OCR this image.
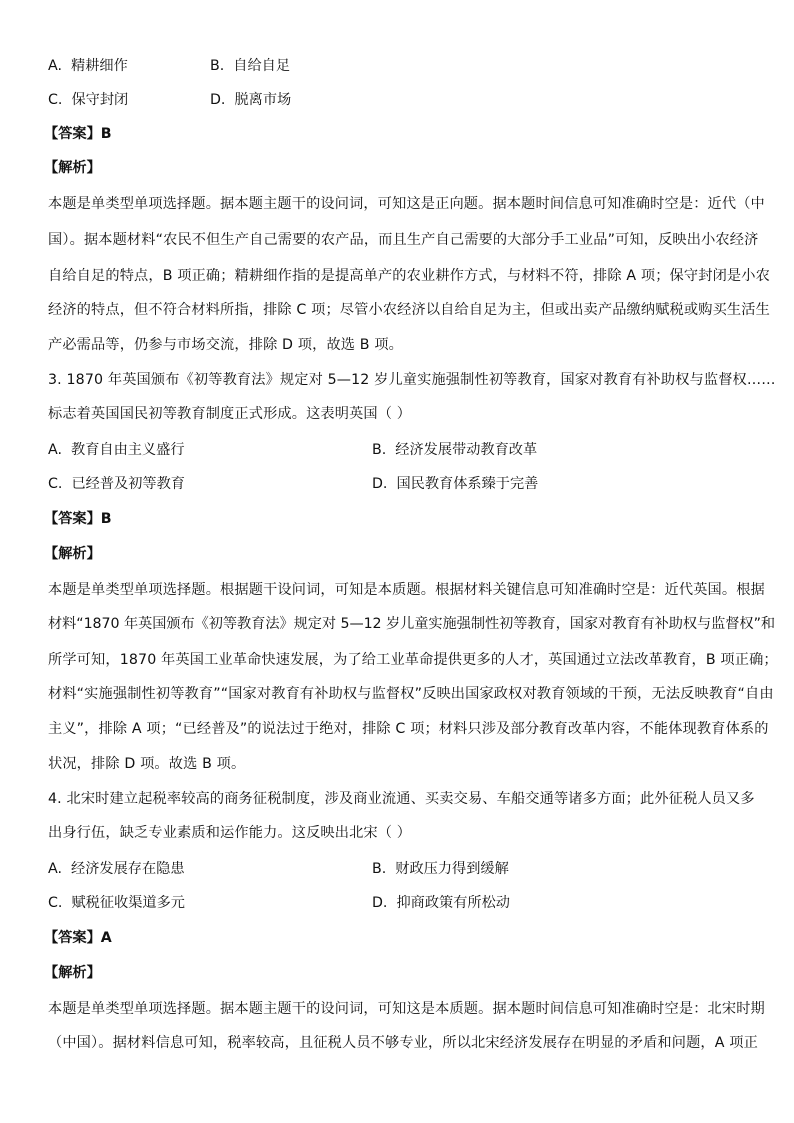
A. 精耕细作	B. 自给自足
C. 保守封闭	D. 脱离市场
【答案】B
【解析】
本题是单类型单项选择题。据本题主题干的设问词，可知这是正向题。据本题时间信息可知准确时空是：近代（中
国）。据本题材料“农民不但生产自己需要的农产品，而且生产自己需要的大部分手工业品”可知，反映出小农经济
自给自足的特点，B 项正确；精耕细作指的是提高单产的农业耕作方式，与材料不符，排除 A 项；保守封闭是小农
经济的特点，但不符合材料所指，排除 C 项；尽管小农经济以自给自足为主，但或出卖产品缴纳赋税或购买生活生
产必需品等，仍参与市场交流，排除 D 项，故选 B 项。
3. 1870 年英国颁布《初等教育法》规定对 5—12 岁儿童实施强制性初等教育，国家对教育有补助权与监督权……
标志着英国国民初等教育制度正式形成。这表明英国（ ）
A. 教育自由主义盛行	B. 经济发展带动教育改革
C. 已经普及初等教育	D. 国民教育体系臻于完善
【答案】B
【解析】
本题是单类型单项选择题。根据题干设问词，可知是本质题。根据材料关键信息可知准确时空是：近代英国。根据
材料“1870 年英国颁布《初等教育法》规定对 5—12 岁儿童实施强制性初等教育，国家对教育有补助权与监督权”和
所学可知，1870 年英国工业革命快速发展，为了给工业革命提供更多的人才，英国通过立法改革教育，B 项正确；
材料“实施强制性初等教育”“国家对教育有补助权与监督权”反映出国家政权对教育领域的干预，无法反映教育“自由
主义”，排除 A 项；“已经普及”的说法过于绝对，排除 C 项；材料只涉及部分教育改革内容，不能体现教育体系的
状况，排除 D 项。故选 B 项。
4. 北宋时建立起税率较高的商务征税制度，涉及商业流通、买卖交易、车船交通等诸多方面；此外征税人员又多
出身行伍，缺乏专业素质和运作能力。这反映出北宋（ ）
A. 经济发展存在隐患	B. 财政压力得到缓解
C. 赋税征收渠道多元	D. 抑商政策有所松动
【答案】A
【解析】
本题是单类型单项选择题。据本题主题干的设问词，可知这是本质题。据本题时间信息可知准确时空是：北宋时期
（中国）。据材料信息可知，税率较高，且征税人员不够专业，所以北宋经济发展存在明显的矛盾和问题，A 项正
